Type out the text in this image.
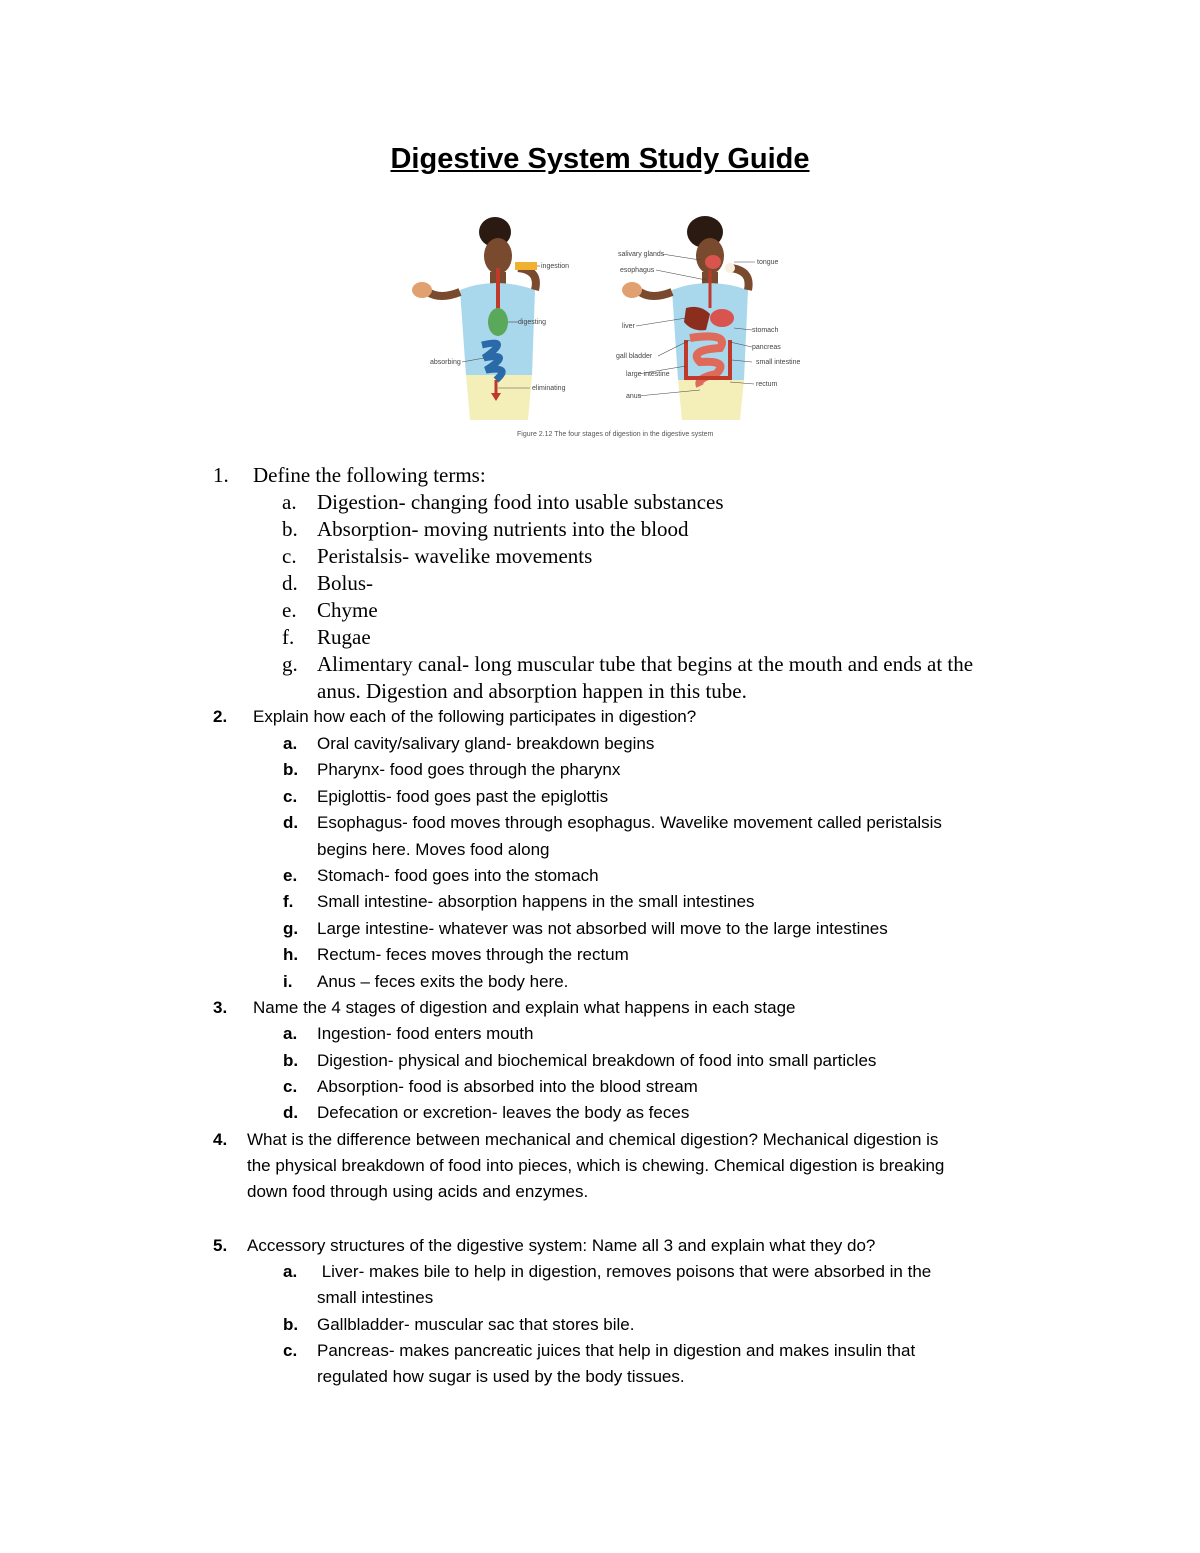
Digestive System Study Guide
ingestion
digesting
absorbing
eliminating
salivary glands
esophagus
liver
gall bladder
large intestine
anus
tongue
stomach
pancreas
small intestine
rectum
Figure 2.12 The four stages of digestion in the digestive system
1. Define the following terms:
a. Digestion- changing food into usable substances
b. Absorption- moving nutrients into the blood
c. Peristalsis- wavelike movements
d. Bolus-
e. Chyme
f. Rugae
g. Alimentary canal- long muscular tube that begins at the mouth and ends at the
anus. Digestion and absorption happen in this tube.
2. Explain how each of the following participates in digestion?
a. Oral cavity/salivary gland- breakdown begins
b. Pharynx- food goes through the pharynx
c. Epiglottis- food goes past the epiglottis
d. Esophagus- food moves through esophagus. Wavelike movement called peristalsis
begins here. Moves food along
e. Stomach- food goes into the stomach
f. Small intestine- absorption happens in the small intestines
g. Large intestine- whatever was not absorbed will move to the large intestines
h. Rectum- feces moves through the rectum
i. Anus – feces exits the body here.
3. Name the 4 stages of digestion and explain what happens in each stage
a. Ingestion- food enters mouth
b. Digestion- physical and biochemical breakdown of food into small particles
c. Absorption- food is absorbed into the blood stream
d. Defecation or excretion- leaves the body as feces
4. What is the difference between mechanical and chemical digestion? Mechanical digestion is
the physical breakdown of food into pieces, which is chewing. Chemical digestion is breaking
down food through using acids and enzymes.
5. Accessory structures of the digestive system: Name all 3 and explain what they do?
a. Liver- makes bile to help in digestion, removes poisons that were absorbed in the
small intestines
b. Gallbladder- muscular sac that stores bile.
c. Pancreas- makes pancreatic juices that help in digestion and makes insulin that
regulated how sugar is used by the body tissues.
